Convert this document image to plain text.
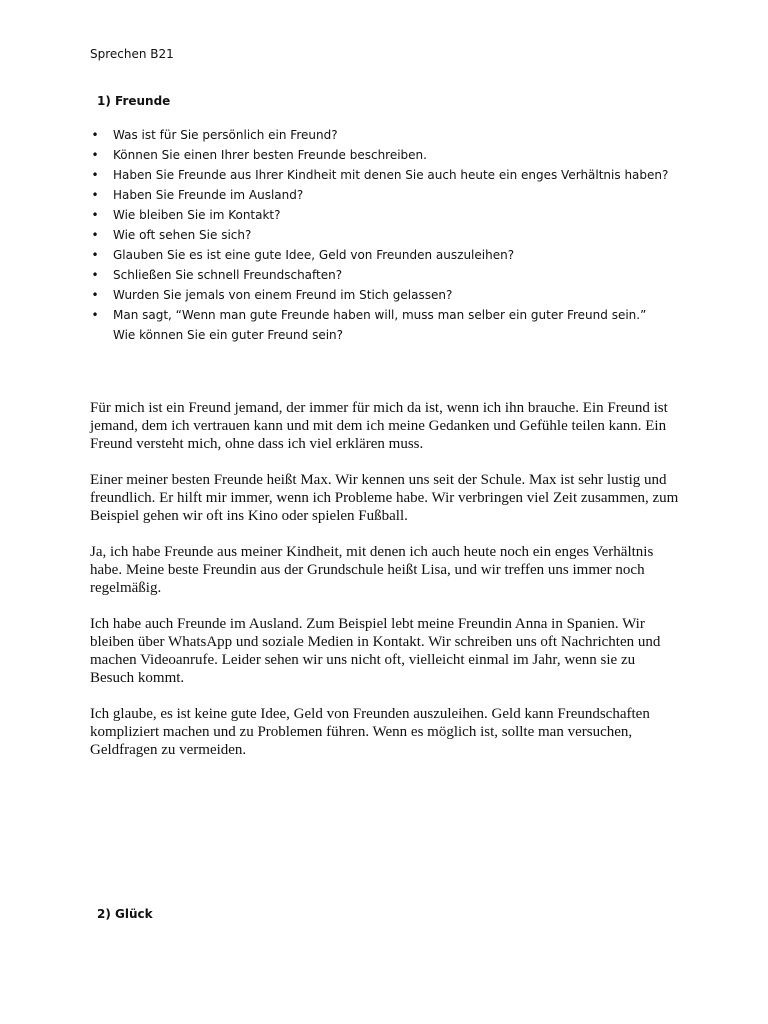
Sprechen B21
1) Freunde
• Was ist für Sie persönlich ein Freund?
• Können Sie einen Ihrer besten Freunde beschreiben.
• Haben Sie Freunde aus Ihrer Kindheit mit denen Sie auch heute ein enges Verhältnis haben?
• Haben Sie Freunde im Ausland?
• Wie bleiben Sie im Kontakt?
• Wie oft sehen Sie sich?
• Glauben Sie es ist eine gute Idee, Geld von Freunden auszuleihen?
• Schließen Sie schnell Freundschaften?
• Wurden Sie jemals von einem Freund im Stich gelassen?
• Man sagt, “Wenn man gute Freunde haben will, muss man selber ein guter Freund sein.” Wie können Sie ein guter Freund sein?

Für mich ist ein Freund jemand, der immer für mich da ist, wenn ich ihn brauche. Ein Freund ist jemand, dem ich vertrauen kann und mit dem ich meine Gedanken und Gefühle teilen kann. Ein Freund versteht mich, ohne dass ich viel erklären muss.

Einer meiner besten Freunde heißt Max. Wir kennen uns seit der Schule. Max ist sehr lustig und freundlich. Er hilft mir immer, wenn ich Probleme habe. Wir verbringen viel Zeit zusammen, zum Beispiel gehen wir oft ins Kino oder spielen Fußball.

Ja, ich habe Freunde aus meiner Kindheit, mit denen ich auch heute noch ein enges Verhältnis habe. Meine beste Freundin aus der Grundschule heißt Lisa, und wir treffen uns immer noch regelmäßig.

Ich habe auch Freunde im Ausland. Zum Beispiel lebt meine Freundin Anna in Spanien. Wir bleiben über WhatsApp und soziale Medien in Kontakt. Wir schreiben uns oft Nachrichten und machen Videoanrufe. Leider sehen wir uns nicht oft, vielleicht einmal im Jahr, wenn sie zu Besuch kommt.

Ich glaube, es ist keine gute Idee, Geld von Freunden auszuleihen. Geld kann Freundschaften kompliziert machen und zu Problemen führen. Wenn es möglich ist, sollte man versuchen, Geldfragen zu vermeiden.

2) Glück
